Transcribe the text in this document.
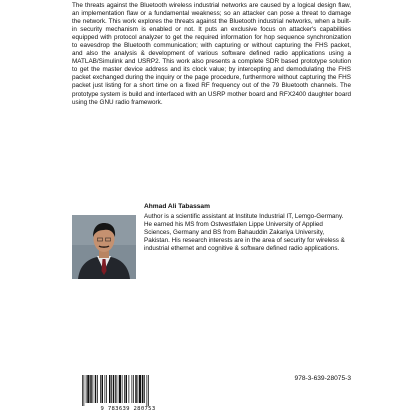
The threats against the Bluetooth wireless industrial networks are caused by a logical design flaw, an implementation flaw or a fundamental weakness; so an attacker can pose a threat to damage the network. This work explores the threats against the Bluetooth industrial networks, when a built-in security mechanism is enabled or not. It puts an exclusive focus on attacker's capabilities equipped with protocol analyzer to get the required information for hop sequence synchronization to eavesdrop the Bluetooth communication; with capturing or without capturing the FHS packet, and also the analysis & development of various software defined radio applications using a MATLAB/Simulink and USRP2. This work also presents a complete SDR based prototype solution to get the master device address and its clock value; by intercepting and demodulating the FHS packet exchanged during the inquiry or the page procedure, furthermore without capturing the FHS packet just listing for a short time on a fixed RF frequency out of the 79 Bluetooth channels. The prototype system is build and interfaced with an USRP mother board and RFX2400 daughter board using the GNU radio framework.

Ahmad Ali Tabassam

Author is a scientific assistant at Institute Industrial IT, Lemgo-Germany. He earned his MS from Ostwestfalen Lippe University of Applied Sciences, Germany and BS from Bahauddin Zakariya University, Pakistan. His research interests are in the area of security for wireless & industrial ethernet and cognitive & software defined radio applications.

9 783639 280753
978-3-639-28075-3
